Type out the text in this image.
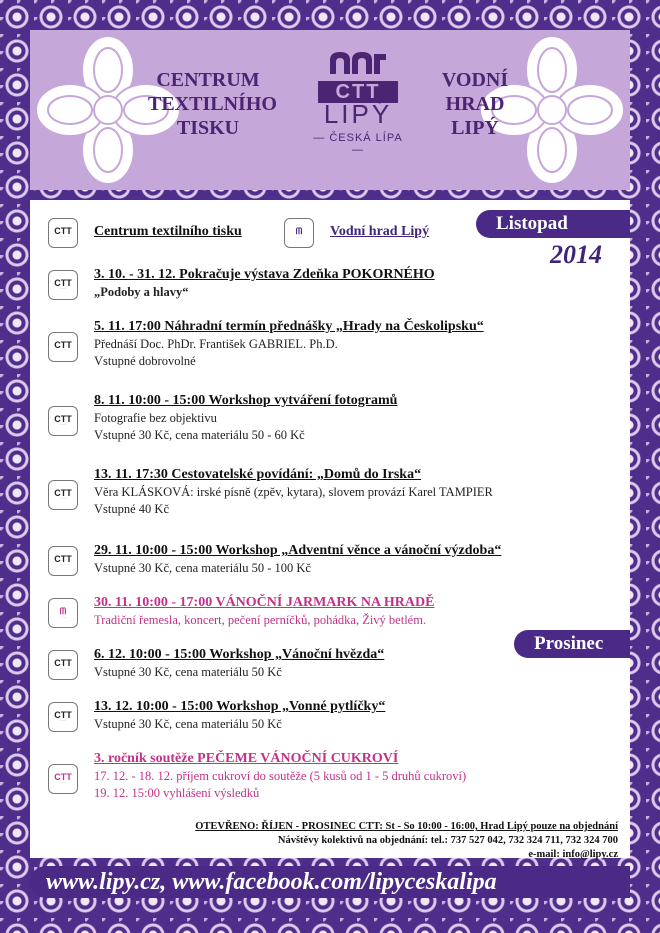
CENTRUM
TEXTILNÍHO
TISKU
CTT
LIPÝ
— ČESKÁ LÍPA —
VODNÍ
HRAD
LIPÝ
Listopad
2014
CTT
·······	Centrum textilního tisku	ᗰ
·······	Vodní hrad Lipý
CTT
·······
3. 10. - 31. 12. Pokračuje výstava Zdeňka POKORNÉHO
„Podoby a hlavy“
CTT
·······
5. 11. 17:00 Náhradní termín přednášky „Hrady na Českolipsku“
Přednáší Doc. PhDr. František GABRIEL. Ph.D.
Vstupné dobrovolné
CTT
·······
8. 11. 10:00 - 15:00 Workshop vytváření fotogramů
Fotografie bez objektivu
Vstupné 30 Kč, cena materiálu 50 - 60 Kč
CTT
·······
13. 11. 17:30 Cestovatelské povídání: „Domů do Irska“
Věra KLÁSKOVÁ: irské písně (zpěv, kytara), slovem provází Karel TAMPIER
Vstupné 40 Kč
CTT
·······
29. 11. 10:00 - 15:00 Workshop „Adventní věnce a vánoční výzdoba“
Vstupné 30 Kč, cena materiálu 50 - 100 Kč
ᗰ
·······
30. 11. 10:00 - 17:00 VÁNOČNÍ JARMARK NA HRADĚ
Tradiční řemesla, koncert, pečení perníčků, pohádka, Živý betlém.
Prosinec
CTT
·······
6. 12. 10:00 - 15:00 Workshop „Vánoční hvězda“
Vstupné 30 Kč, cena materiálu 50 Kč
CTT
·······
13. 12. 10:00 - 15:00 Workshop „Vonné pytlíčky“
Vstupné 30 Kč, cena materiálu 50 Kč
CTT
·······
3. ročník soutěže PEČEME VÁNOČNÍ CUKROVÍ
17. 12. - 18. 12. příjem cukroví do soutěže (5 kusů od 1 - 5 druhů cukroví)
19. 12. 15:00 vyhlášení výsledků
OTEVŘENO: ŘÍJEN - PROSINEC CTT: St - So 10:00 - 16:00, Hrad Lipý pouze na objednání
Návštěvy kolektivů na objednání: tel.: 737 527 042, 732 324 711, 732 324 700
e-mail: info@lipy.cz
www.lipy.cz, www.facebook.com/lipyceskalipa
